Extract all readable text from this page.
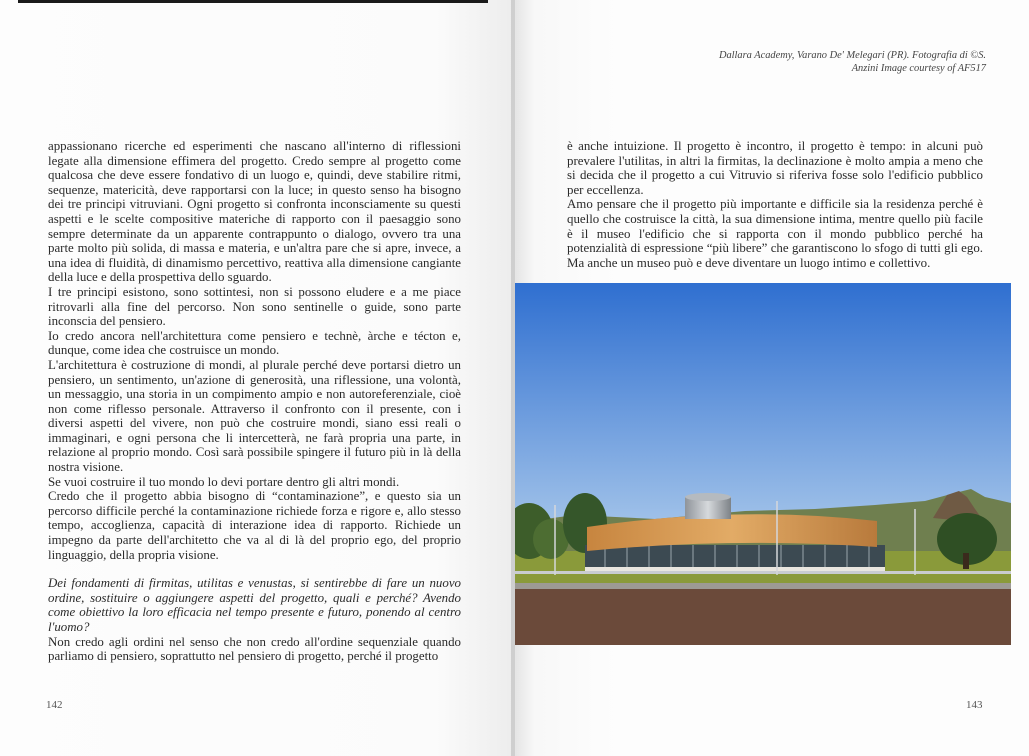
appassionano ricerche ed esperimenti che nascano all'interno di riflessioni legate alla dimensione effimera del progetto. Credo sempre al progetto come qualcosa che deve essere fondativo di un luogo e, quindi, deve stabilire ritmi, sequenze, matericità, deve rapportarsi con la luce; in questo senso ha bisogno dei tre principi vitruviani. Ogni progetto si confronta inconsciamente su questi aspetti e le scelte compositive materiche di rapporto con il paesaggio sono sempre determinate da un apparente contrappunto o dialogo, ovvero tra una parte molto più solida, di massa e materia, e un'altra pare che si apre, invece, a una idea di fluidità, di dinamismo percettivo, reattiva alla dimensione cangiante della luce e della prospettiva dello sguardo.

I tre principi esistono, sono sottintesi, non si possono eludere e a me piace ritrovarli alla fine del percorso. Non sono sentinelle o guide, sono parte inconscia del pensiero.

Io credo ancora nell'architettura come pensiero e technè, àrche e técton e, dunque, come idea che costruisce un mondo.

L'architettura è costruzione di mondi, al plurale perché deve portarsi dietro un pensiero, un sentimento, un'azione di generosità, una riflessione, una volontà, un messaggio, una storia in un compimento ampio e non autoreferenziale, cioè non come riflesso personale. Attraverso il confronto con il presente, con i diversi aspetti del vivere, non può che costruire mondi, siano essi reali o immaginari, e ogni persona che li intercetterà, ne farà propria una parte, in relazione al proprio mondo. Così sarà possibile spingere il futuro più in là della nostra visione.

Se vuoi costruire il tuo mondo lo devi portare dentro gli altri mondi.

Credo che il progetto abbia bisogno di “contaminazione”, e questo sia un percorso difficile perché la contaminazione richiede forza e rigore e, allo stesso tempo, accoglienza, capacità di interazione idea di rapporto. Richiede un impegno da parte dell'architetto che va al di là del proprio ego, del proprio linguaggio, della propria visione.

Dei fondamenti di firmitas, utilitas e venustas, si sentirebbe di fare un nuovo ordine, sostituire o aggiungere aspetti del progetto, quali e perché? Avendo come obiettivo la loro efficacia nel tempo presente e futuro, ponendo al centro l'uomo?

Non credo agli ordini nel senso che non credo all'ordine sequenziale quando parliamo di pensiero, soprattutto nel pensiero di progetto, perché il progetto

142

Dallara Academy, Varano De' Melegari (PR). Fotografia di ©S.

Anzini Image courtesy of AF517

è anche intuizione. Il progetto è incontro, il progetto è tempo: in alcuni può prevalere l'utilitas, in altri la firmitas, la declinazione è molto ampia a meno che si decida che il progetto a cui Vitruvio si riferiva fosse solo l'edificio pubblico per eccellenza.

Amo pensare che il progetto più importante e difficile sia la residenza perché è quello che costruisce la città, la sua dimensione intima, mentre quello più facile è il museo l'edificio che si rapporta con il mondo pubblico perché ha potenzialità di espressione “più libere” che garantiscono lo sfogo di tutti gli ego. Ma anche un museo può e deve diventare un luogo intimo e collettivo.

143
